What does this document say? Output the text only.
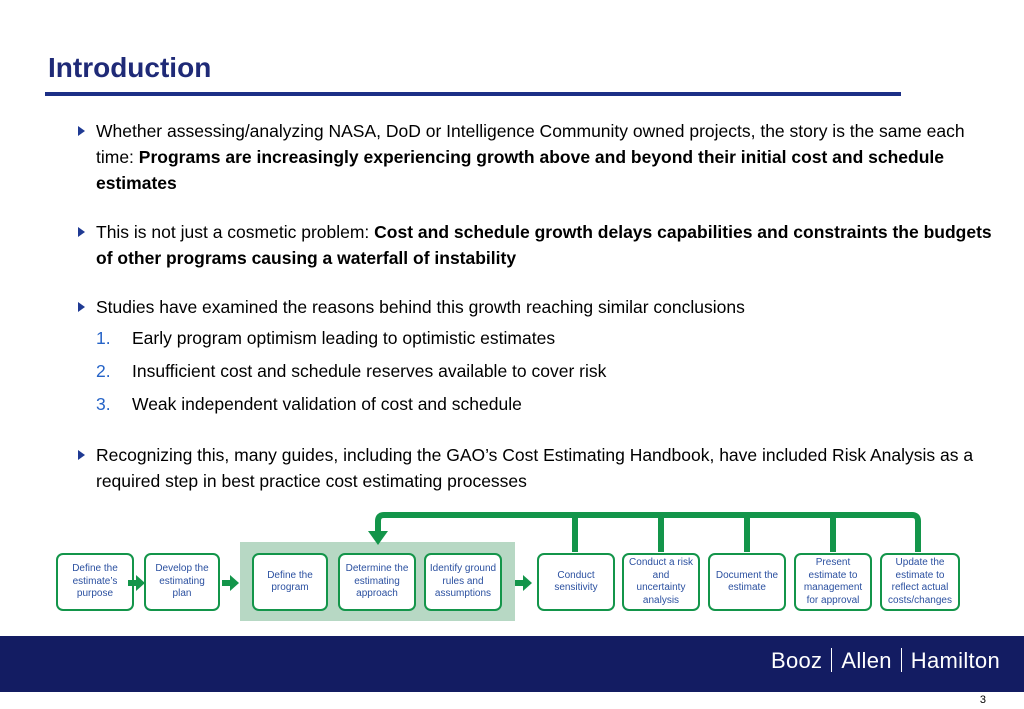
Introduction
Whether assessing/analyzing NASA, DoD or Intelligence Community owned projects, the story is the same each time: Programs are increasingly experiencing growth above and beyond their initial cost and schedule estimates
This is not just a cosmetic problem: Cost and schedule growth delays capabilities and constraints the budgets of other programs causing a waterfall of instability
Studies have examined the reasons behind this growth reaching similar conclusions
1. Early program optimism leading to optimistic estimates
2. Insufficient cost and schedule reserves available to cover risk
3. Weak independent validation of cost and schedule
Recognizing this, many guides, including the GAO’s Cost Estimating Handbook, have included Risk Analysis as a required step in best practice cost estimating processes
Define the estimate’s purpose
Develop the estimating plan
Define the program
Determine the estimating approach
Identify ground rules and assumptions
Conduct sensitivity
Conduct a risk and uncertainty analysis
Document the estimate
Present estimate to management for approval
Update the estimate to reflect actual costs/changes
Booz Allen Hamilton
3
